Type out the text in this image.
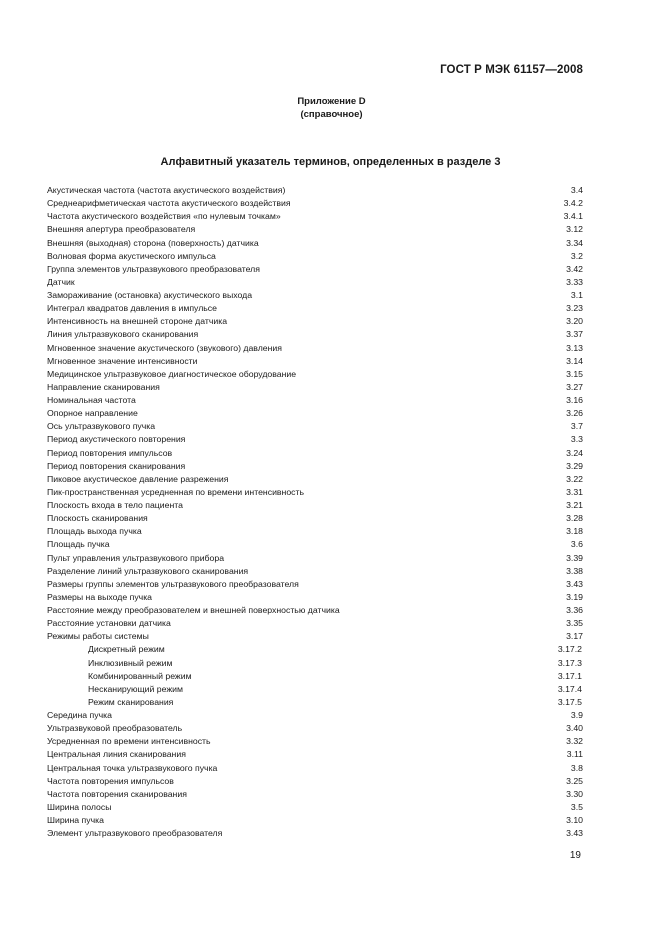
ГОСТ Р МЭК 61157—2008
Приложение D
(справочное)
Алфавитный указатель терминов, определенных в разделе 3
Акустическая частота (частота акустического воздействия)	3.4
Среднеарифметическая частота акустического воздействия	3.4.2
Частота акустического воздействия «по нулевым точкам»	3.4.1
Внешняя апертура преобразователя	3.12
Внешняя (выходная) сторона (поверхность) датчика	3.34
Волновая форма акустического импульса	3.2
Группа элементов ультразвукового преобразователя	3.42
Датчик	3.33
Замораживание (остановка) акустического выхода	3.1
Интеграл квадратов давления в импульсе	3.23
Интенсивность на внешней стороне датчика	3.20
Линия ультразвукового сканирования	3.37
Мгновенное значение акустического (звукового) давления	3.13
Мгновенное значение интенсивности	3.14
Медицинское ультразвуковое диагностическое оборудование	3.15
Направление сканирования	3.27
Номинальная частота	3.16
Опорное направление	3.26
Ось ультразвукового пучка	3.7
Период акустического повторения	3.3
Период повторения импульсов	3.24
Период повторения сканирования	3.29
Пиковое акустическое давление разрежения	3.22
Пик-пространственная усредненная по времени интенсивность	3.31
Плоскость входа в тело пациента	3.21
Плоскость сканирования	3.28
Площадь выхода пучка	3.18
Площадь пучка	3.6
Пульт управления ультразвукового прибора	3.39
Разделение линий ультразвукового сканирования	3.38
Размеры группы элементов ультразвукового преобразователя	3.43
Размеры на выходе пучка	3.19
Расстояние между преобразователем и внешней поверхностью датчика	3.36
Расстояние установки датчика	3.35
Режимы работы системы	3.17
Дискретный режим	3.17.2
Инклюзивный режим	3.17.3
Комбинированный режим	3.17.1
Несканирующий режим	3.17.4
Режим сканирования	3.17.5
Середина пучка	3.9
Ультразвуковой преобразователь	3.40
Усредненная по времени интенсивность	3.32
Центральная линия сканирования	3.11
Центральная точка ультразвукового пучка	3.8
Частота повторения импульсов	3.25
Частота повторения сканирования	3.30
Ширина полосы	3.5
Ширина пучка	3.10
Элемент ультразвукового преобразователя	3.43
19
